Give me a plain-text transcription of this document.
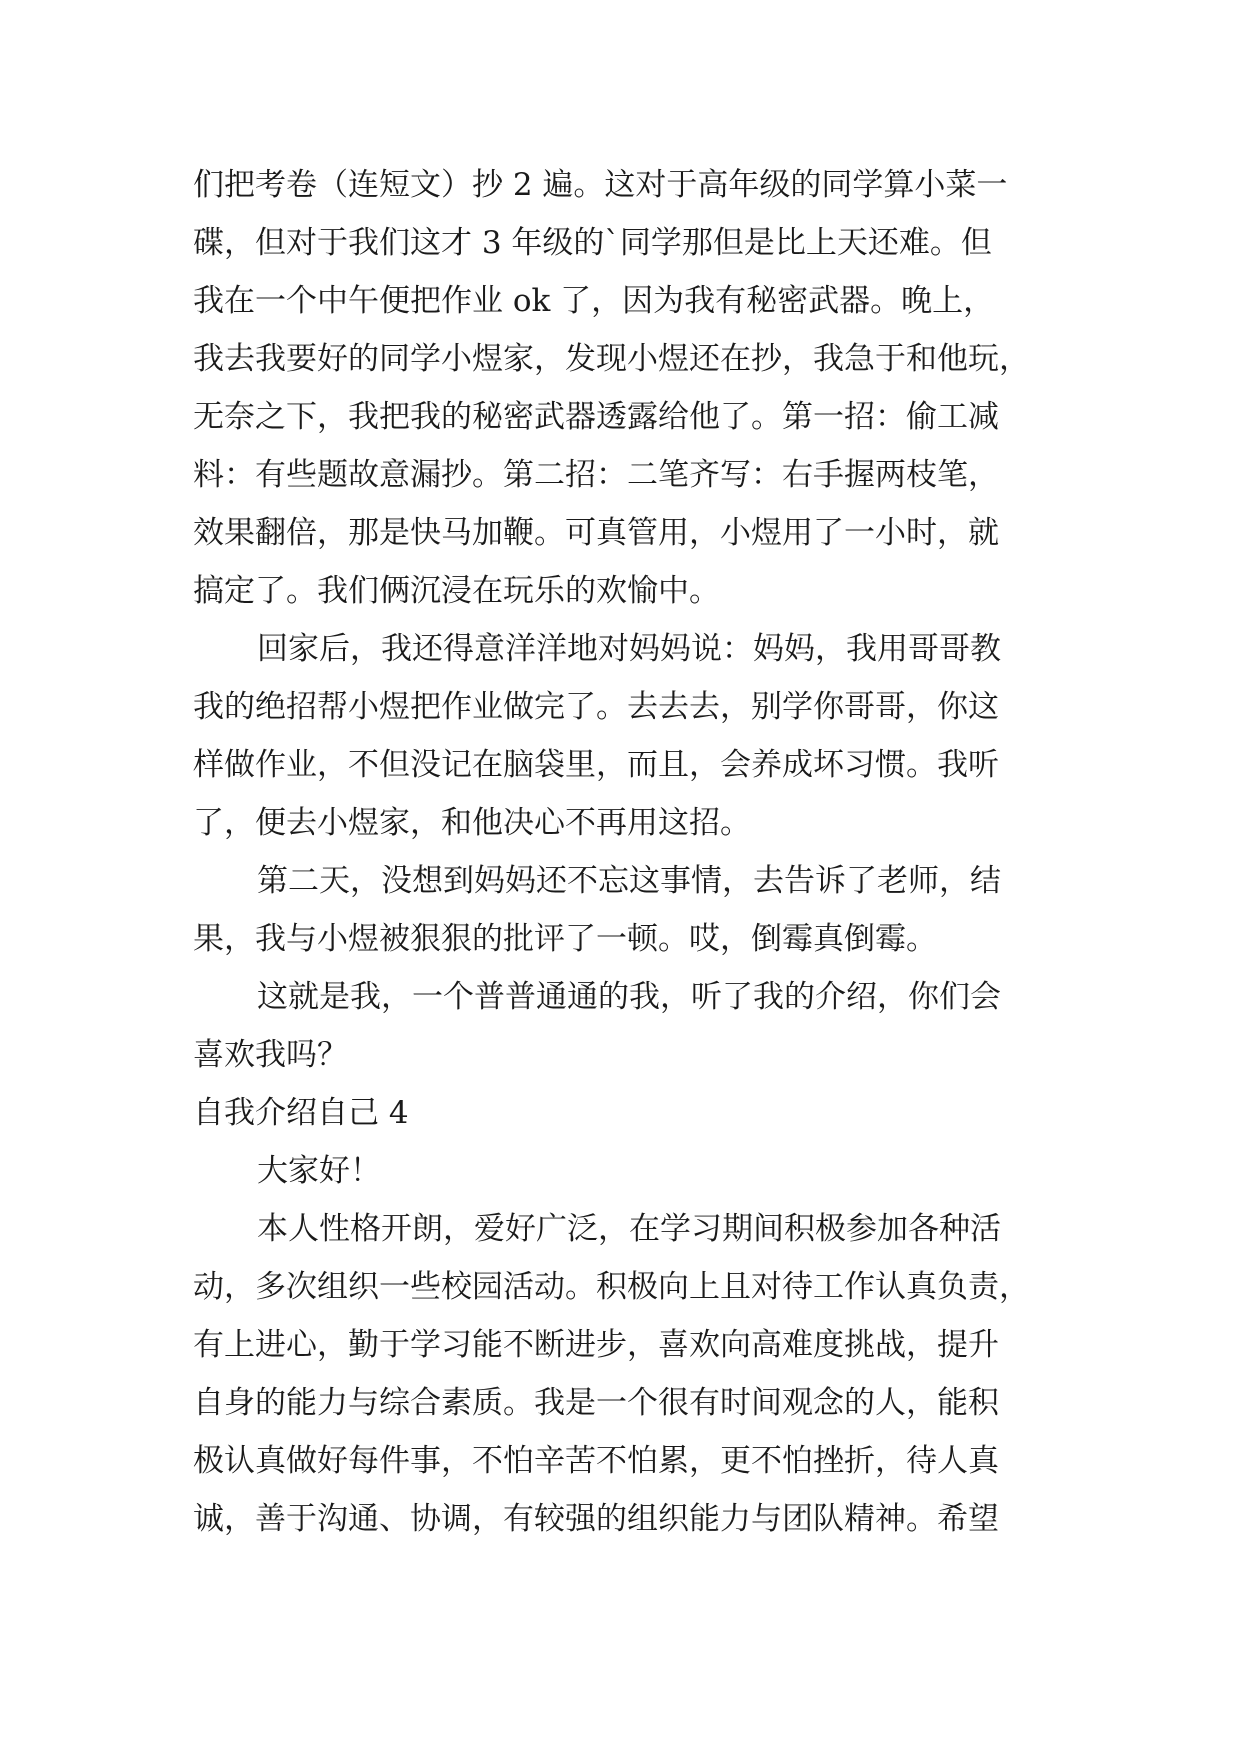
们把考卷（连短文）抄 2 遍。这对于高年级的同学算小菜一
碟，但对于我们这才 3 年级的`同学那但是比上天还难。但
我在一个中午便把作业 ok 了，因为我有秘密武器。晚上，
我去我要好的同学小煜家，发现小煜还在抄，我急于和他玩，
无奈之下，我把我的秘密武器透露给他了。第一招：偷工减
料：有些题故意漏抄。第二招：二笔齐写：右手握两枝笔，
效果翻倍，那是快马加鞭。可真管用，小煜用了一小时，就
搞定了。我们俩沉浸在玩乐的欢愉中。
回家后，我还得意洋洋地对妈妈说：妈妈，我用哥哥教
我的绝招帮小煜把作业做完了。去去去，别学你哥哥，你这
样做作业，不但没记在脑袋里，而且，会养成坏习惯。我听
了，便去小煜家，和他决心不再用这招。
第二天，没想到妈妈还不忘这事情，去告诉了老师，结
果，我与小煜被狠狠的批评了一顿。哎，倒霉真倒霉。
这就是我，一个普普通通的我，听了我的介绍，你们会
喜欢我吗？
自我介绍自己 4
大家好！
本人性格开朗，爱好广泛，在学习期间积极参加各种活
动，多次组织一些校园活动。积极向上且对待工作认真负责，
有上进心，勤于学习能不断进步，喜欢向高难度挑战，提升
自身的能力与综合素质。我是一个很有时间观念的人，能积
极认真做好每件事，不怕辛苦不怕累，更不怕挫折，待人真
诚，善于沟通、协调，有较强的组织能力与团队精神。希望
